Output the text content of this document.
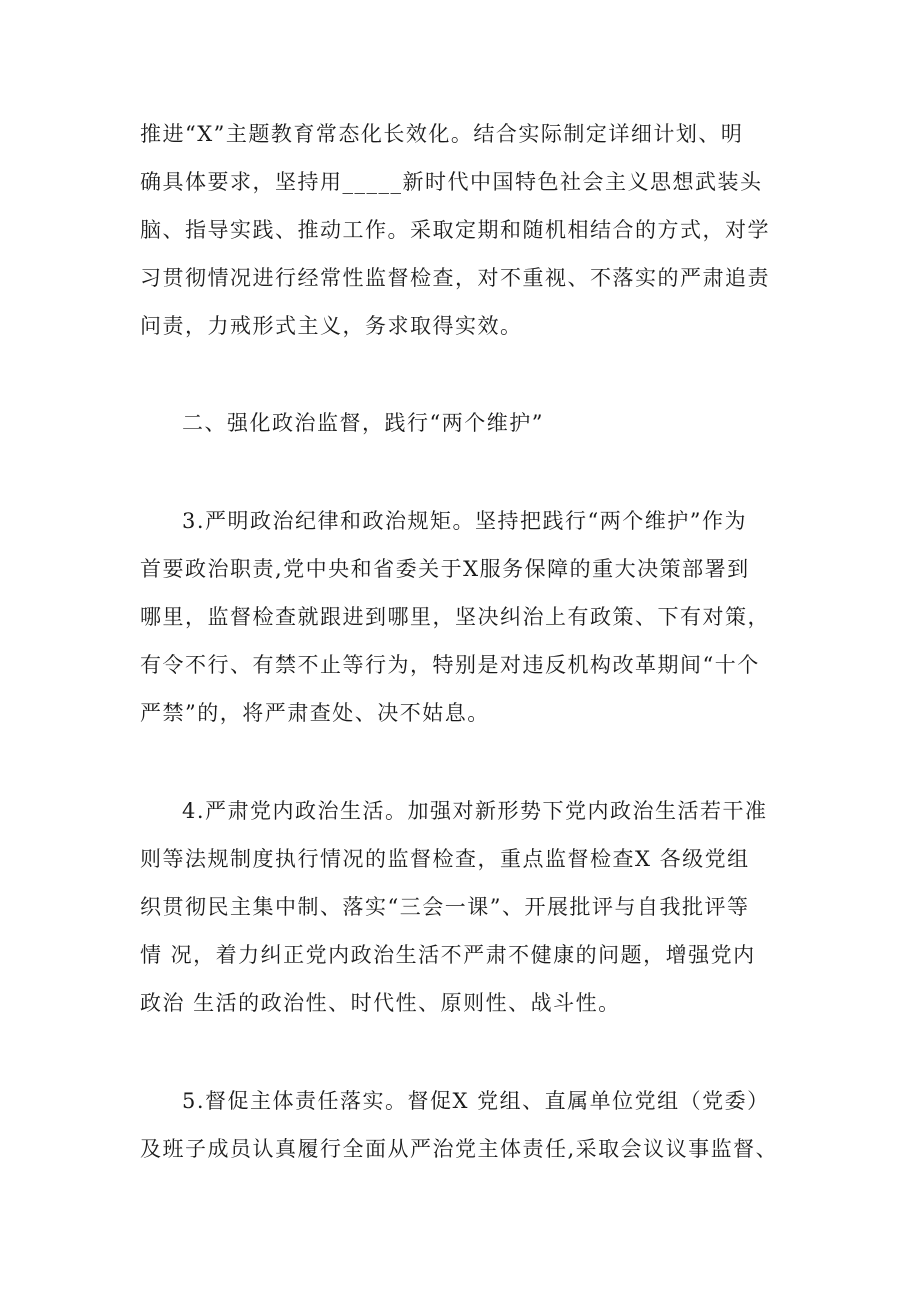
推进“X”主题教育常态化长效化。结合实际制定详细计划、明
确具体要求，坚持用_____新时代中国特色社会主义思想武装头
脑、指导实践、推动工作。采取定期和随机相结合的方式，对学
习贯彻情况进行经常性监督检查，对不重视、不落实的严肃追责
问责，力戒形式主义，务求取得实效。
二、强化政治监督，践行“两个维护”
3.严明政治纪律和政治规矩。坚持把践行“两个维护”作为
首要政治职责,党中央和省委关于X服务保障的重大决策部署到
哪里，监督检查就跟进到哪里，坚决纠治上有政策、下有对策，
有令不行、有禁不止等行为，特别是对违反机构改革期间“十个
严禁”的，将严肃查处、决不姑息。
4.严肃党内政治生活。加强对新形势下党内政治生活若干准
则等法规制度执行情况的监督检查，重点监督检查X 各级党组
织贯彻民主集中制、落实“三会一课”、开展批评与自我批评等
情 况，着力纠正党内政治生活不严肃不健康的问题，增强党内
政治 生活的政治性、时代性、原则性、战斗性。
5.督促主体责任落实。督促X 党组、直属单位党组（党委）
及班子成员认真履行全面从严治党主体责任,采取会议议事监督、
